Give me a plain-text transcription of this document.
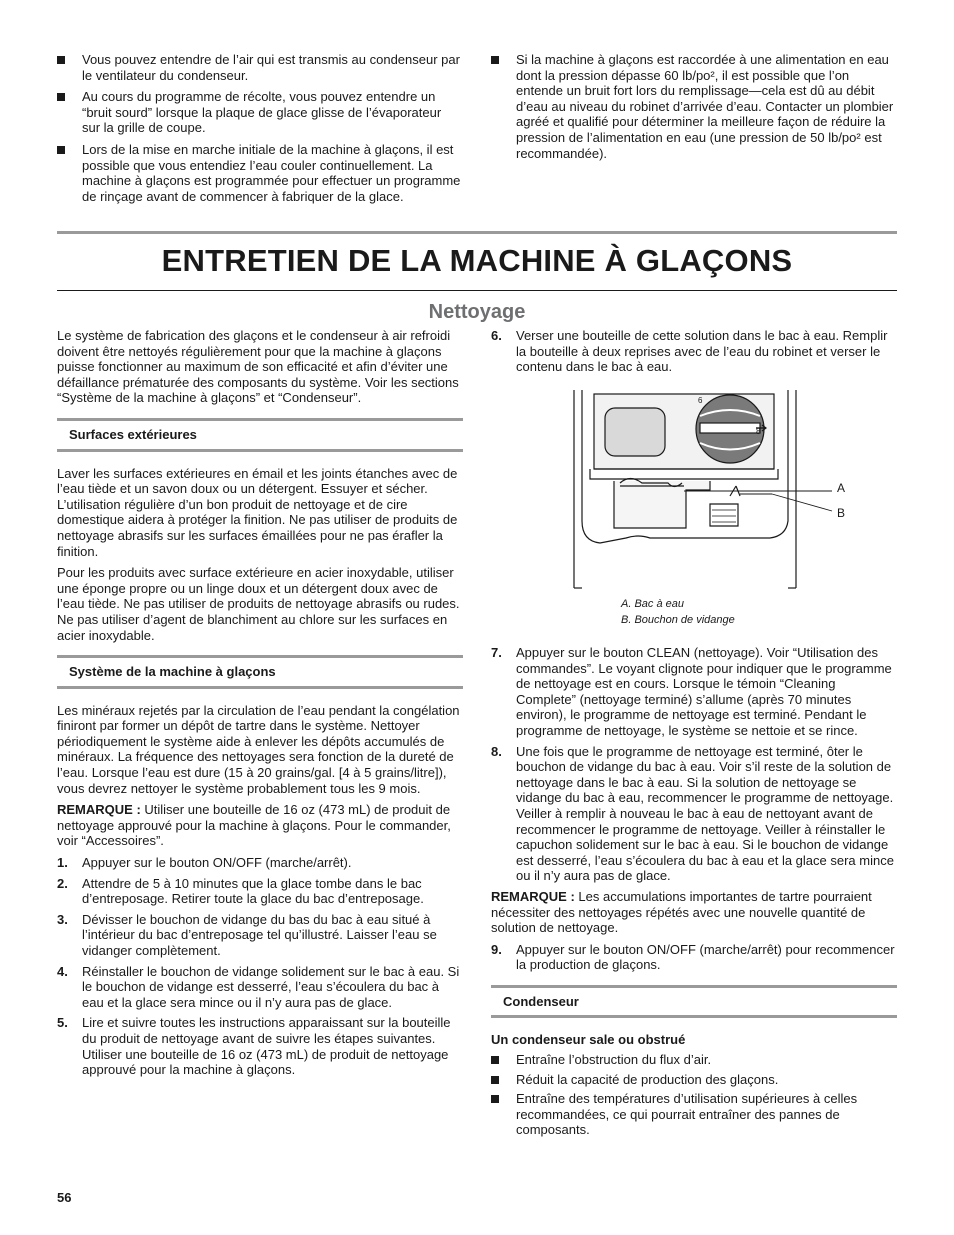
Vous pouvez entendre de l’air qui est transmis au condenseur par le ventilateur du condenseur.
Au cours du programme de récolte, vous pouvez entendre un “bruit sourd” lorsque la plaque de glace glisse de l’évaporateur sur la grille de coupe.
Lors de la mise en marche initiale de la machine à glaçons, il est possible que vous entendiez l’eau couler continuellement. La machine à glaçons est programmée pour effectuer un programme de rinçage avant de commencer à fabriquer de la glace.
Si la machine à glaçons est raccordée à une alimentation en eau dont la pression dépasse 60 lb/po², il est possible que l’on entende un bruit fort lors du remplissage—cela est dû au débit d’eau au niveau du robinet d’arrivée d’eau. Contacter un plombier agréé et qualifié pour déterminer la meilleure façon de réduire la pression de l’alimentation en eau (une pression de 50 lb/po² est recommandée).
ENTRETIEN DE LA MACHINE À GLAÇONS
Nettoyage

Le système de fabrication des glaçons et le condenseur à air refroidi doivent être nettoyés régulièrement pour que la machine à glaçons puisse fonctionner au maximum de son efficacité et afin d’éviter une défaillance prématurée des composants du système. Voir les sections “Système de la machine à glaçons” et “Condenseur”.

Surfaces extérieures

Laver les surfaces extérieures en émail et les joints étanches avec de l’eau tiède et un savon doux ou un détergent. Essuyer et sécher. L’utilisation régulière d’un bon produit de nettoyage et de cire domestique aidera à protéger la finition. Ne pas utiliser de produits de nettoyage abrasifs sur les surfaces émaillées pour ne pas érafler la finition.

Pour les produits avec surface extérieure en acier inoxydable, utiliser une éponge propre ou un linge doux et un détergent doux avec de l’eau tiède. Ne pas utiliser de produits de nettoyage abrasifs ou rudes. Ne pas utiliser d’agent de blanchiment au chlore sur les surfaces en acier inoxydable.

Système de la machine à glaçons

Les minéraux rejetés par la circulation de l’eau pendant la congélation finiront par former un dépôt de tartre dans le système. Nettoyer périodiquement le système aide à enlever les dépôts accumulés de minéraux. La fréquence des nettoyages sera fonction de la dureté de l’eau. Lorsque l’eau est dure (15 à 20 grains/gal. [4 à 5 grains/litre]), vous devrez nettoyer le système probablement tous les 9 mois.

REMARQUE : Utiliser une bouteille de 16 oz (473 mL) de produit de nettoyage approuvé pour la machine à glaçons. Pour le commander, voir “Accessoires”.

1. Appuyer sur le bouton ON/OFF (marche/arrêt).
2. Attendre de 5 à 10 minutes que la glace tombe dans le bac d’entreposage. Retirer toute la glace du bac d’entreposage.
3. Dévisser le bouchon de vidange du bas du bac à eau situé à l’intérieur du bac d’entreposage tel qu’illustré. Laisser l’eau se vidanger complètement.
4. Réinstaller le bouchon de vidange solidement sur le bac à eau. Si le bouchon de vidange est desserré, l’eau s’écoulera du bac à eau et la glace sera mince ou il n’y aura pas de glace.
5. Lire et suivre toutes les instructions apparaissant sur la bouteille du produit de nettoyage avant de suivre les étapes suivantes. Utiliser une bouteille de 16 oz (473 mL) de produit de nettoyage approuvé pour la machine à glaçons.
6. Verser une bouteille de cette solution dans le bac à eau. Remplir la bouteille à deux reprises avec de l’eau du robinet et verser le contenu dans le bac à eau.
6
8
A
B
A. Bac à eau
B. Bouchon de vidange
7. Appuyer sur le bouton CLEAN (nettoyage). Voir “Utilisation des commandes”. Le voyant clignote pour indiquer que le programme de nettoyage est en cours. Lorsque le témoin “Cleaning Complete” (nettoyage terminé) s’allume (après 70 minutes environ), le programme de nettoyage est terminé. Pendant le programme de nettoyage, le système se nettoie et se rince.
8. Une fois que le programme de nettoyage est terminé, ôter le bouchon de vidange du bac à eau. Voir s’il reste de la solution de nettoyage dans le bac à eau. Si la solution de nettoyage se vidange du bac à eau, recommencer le programme de nettoyage. Veiller à remplir à nouveau le bac à eau de nettoyant avant de recommencer le programme de nettoyage. Veiller à réinstaller le capuchon solidement sur le bac à eau. Si le bouchon de vidange est desserré, l’eau s’écoulera du bac à eau et la glace sera mince ou il n’y aura pas de glace.

REMARQUE : Les accumulations importantes de tartre pourraient nécessiter des nettoyages répétés avec une nouvelle quantité de solution de nettoyage.

9. Appuyer sur le bouton ON/OFF (marche/arrêt) pour recommencer la production de glaçons.
Condenseur
Un condenseur sale ou obstrué
Entraîne l’obstruction du flux d’air.
Réduit la capacité de production des glaçons.
Entraîne des températures d’utilisation supérieures à celles recommandées, ce qui pourrait entraîner des pannes de composants.
56
